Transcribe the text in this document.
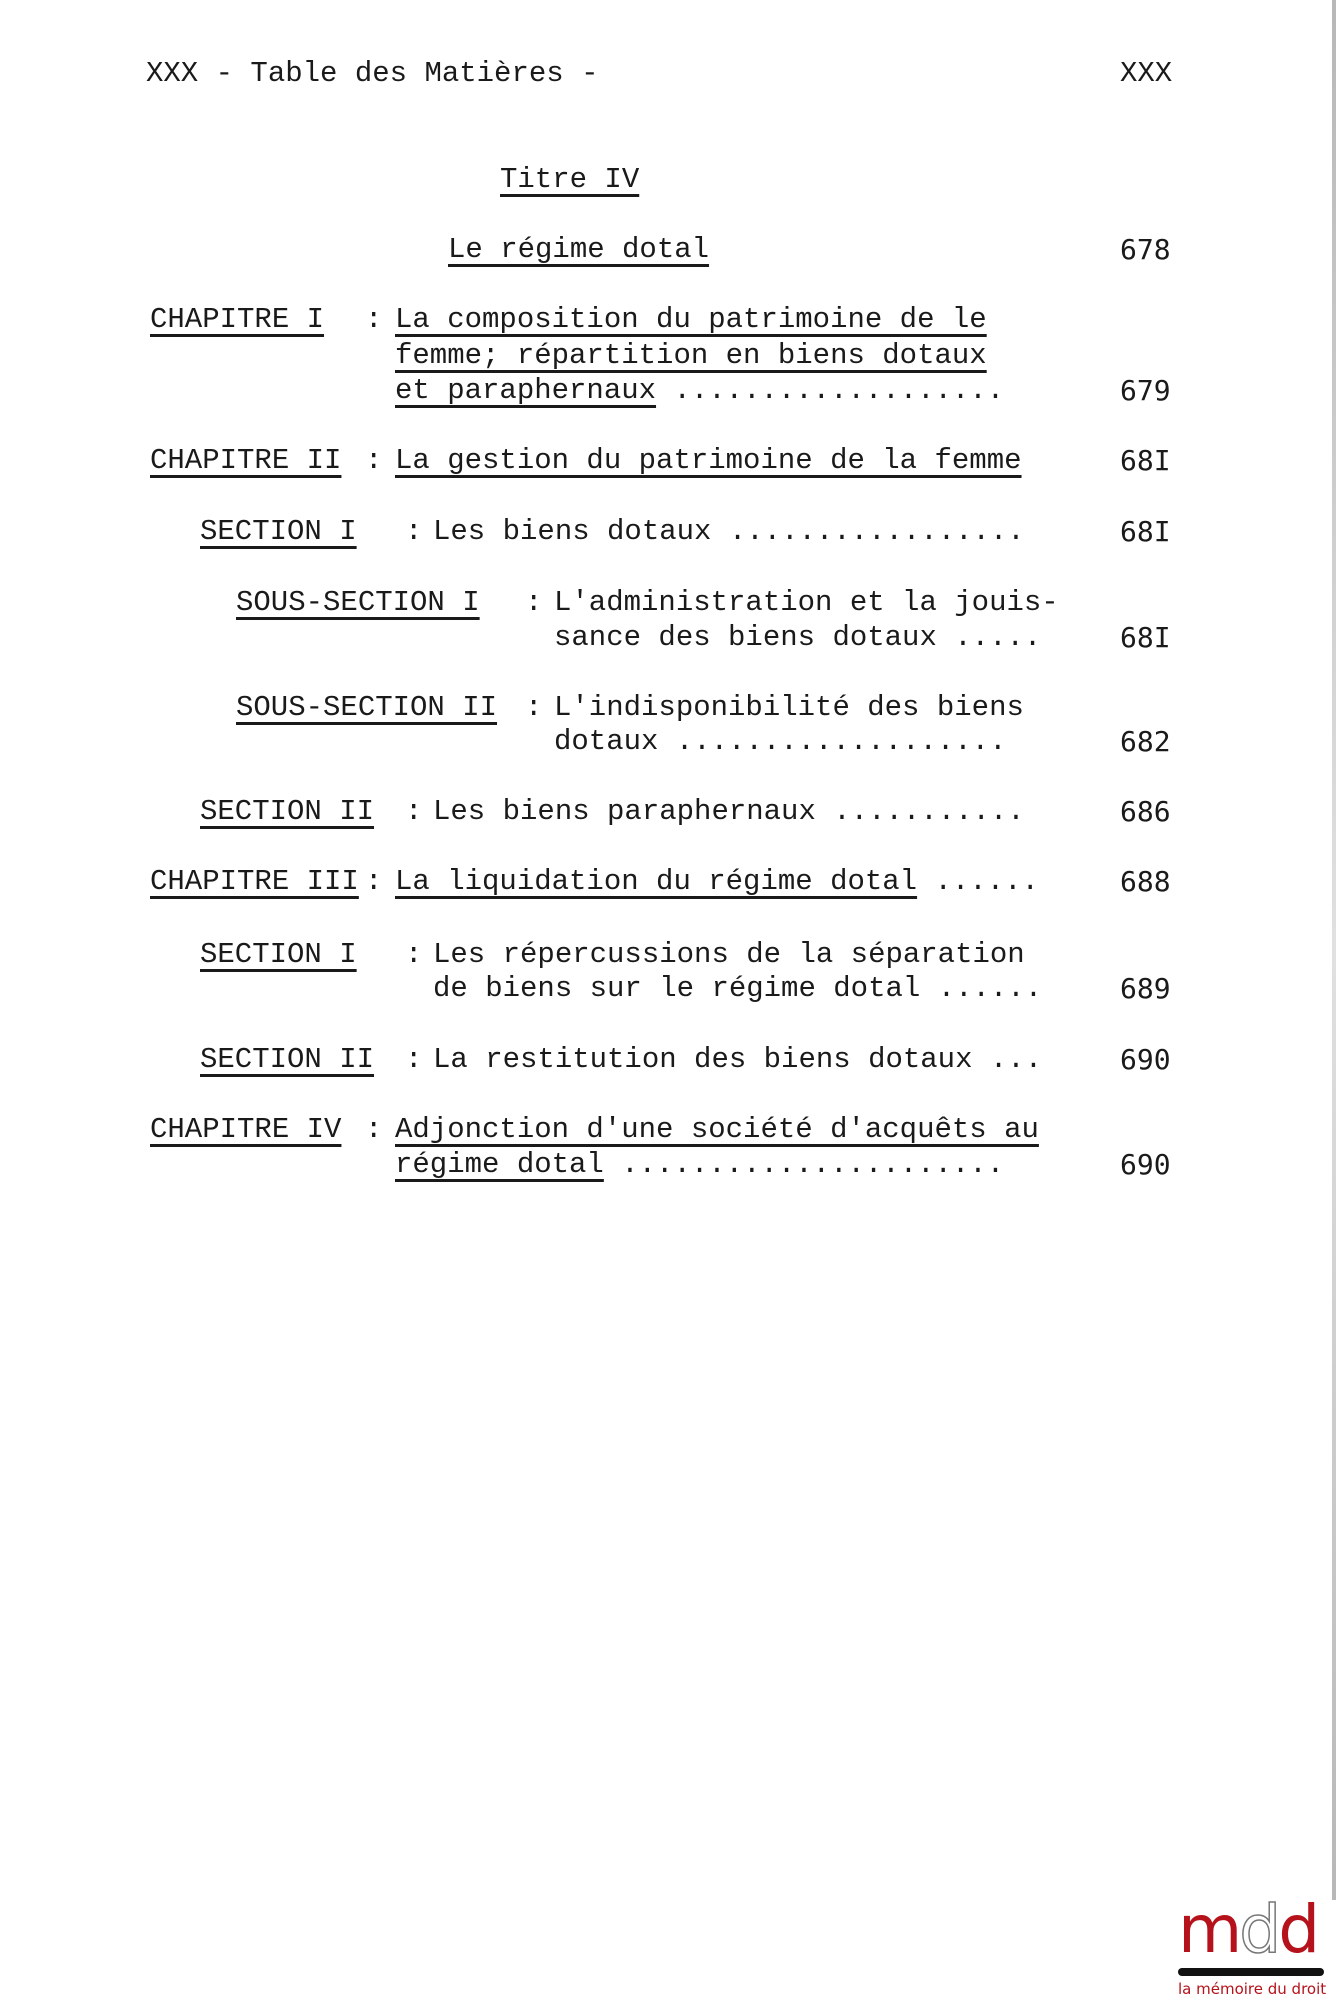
XXX - Table des Matières -	XXX
Titre IV
Le régime dotal	678
CHAPITRE I : La composition du patrimoine de le
femme; répartition en biens dotaux
et paraphernaux ...................	679
CHAPITRE II : La gestion du patrimoine de la femme	68I
SECTION I : Les biens dotaux .................	68I
SOUS-SECTION I : L'administration et la jouis-
sance des biens dotaux .....	68I
SOUS-SECTION II : L'indisponibilité des biens
dotaux ...................	682
SECTION II : Les biens paraphernaux ...........	686
CHAPITRE III : La liquidation du régime dotal ......	688
SECTION I : Les répercussions de la séparation
de biens sur le régime dotal ......	689
SECTION II : La restitution des biens dotaux ...	690
CHAPITRE IV : Adjonction d'une société d'acquêts au
régime dotal ......................	690
mdd
la mémoire du droit
